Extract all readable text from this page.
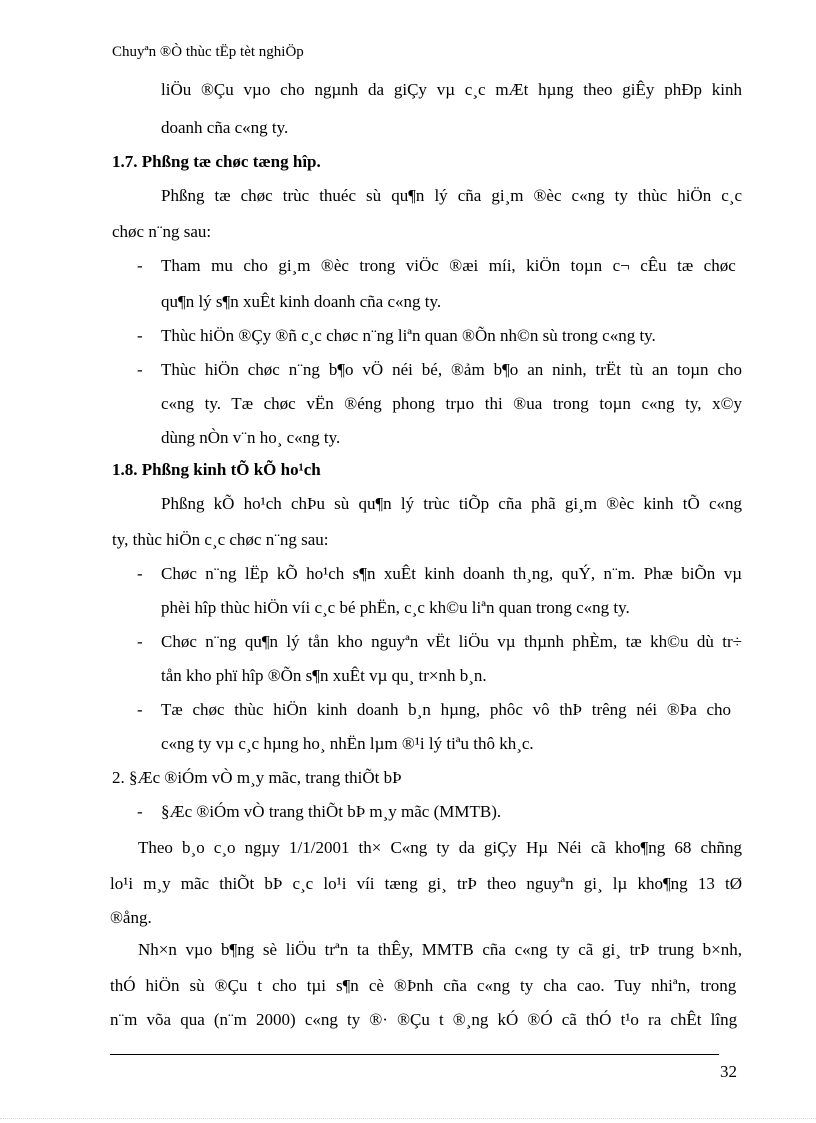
Chuyªn ®Ò thùc tËp tèt nghiÖp
liÖu ®Çu vµo cho ngµnh da giÇy vµ c¸c mÆt hµng theo giÊy phÐp kinh
doanh cña c«ng ty.
1.7. Phßng tæ chøc tæng hîp.
Phßng tæ chøc trùc thuéc sù qu¶n lý cña gi¸m ®èc c«ng ty thùc hiÖn c¸c
chøc n¨ng sau:
Tham mu cho gi¸m ®èc trong viÖc ®æi míi, kiÖn toµn c¬ cÊu tæ chøc
-
qu¶n lý s¶n xuÊt kinh doanh cña c«ng ty.
Thùc hiÖn ®Çy ®ñ c¸c chøc n¨ng liªn quan ®Õn nh©n sù trong c«ng ty.
-
Thùc hiÖn chøc n¨ng b¶o vÖ néi bé, ®ảm b¶o an ninh, trËt tù an toµn cho
-
c«ng ty. Tæ chøc vËn ®éng phong trµo thi ®ua trong toµn c«ng ty, x©y
dùng nÒn v¨n ho¸ c«ng ty.
1.8. Phßng kinh tÕ kÕ ho¹ch
Phßng kÕ ho¹ch chÞu sù qu¶n lý trùc tiÕp cña phã gi¸m ®èc kinh tÕ c«ng
ty, thùc hiÖn c¸c chøc n¨ng sau:
Chøc n¨ng lËp kÕ ho¹ch s¶n xuÊt kinh doanh th¸ng, quÝ, n¨m. Phæ biÕn vµ
-
phèi hîp thùc hiÖn víi c¸c bé phËn, c¸c kh©u liªn quan trong c«ng ty.
Chøc n¨ng qu¶n lý tån kho nguyªn vËt liÖu vµ thµnh phÈm, tæ kh©u dù tr÷
-
tån kho phï hîp ®Õn s¶n xuÊt vµ qu¸ tr×nh b¸n.
Tæ chøc thùc hiÖn kinh doanh b¸n hµng, phôc vô thÞ trêng néi ®Þa cho
-
c«ng ty vµ c¸c hµng ho¸ nhËn lµm ®¹i lý tiªu thô kh¸c.
2. §Æc ®iÓm vÒ m¸y mãc, trang thiÕt bÞ
§Æc ®iÓm vÒ trang thiÕt bÞ m¸y mãc (MMTB).
-
Theo b¸o c¸o ngµy 1/1/2001 th× C«ng ty da giÇy Hµ Néi cã kho¶ng 68 chñng
lo¹i m¸y mãc thiÕt bÞ c¸c lo¹i víi tæng gi¸ trÞ theo nguyªn gi¸ lµ kho¶ng 13 tØ
®ång.
Nh×n vµo b¶ng sè liÖu trªn ta thÊy, MMTB cña c«ng ty cã gi¸ trÞ trung b×nh,
thÓ hiÖn sù ®Çu t cho tµi s¶n cè ®Þnh cña c«ng ty cha cao. Tuy nhiªn, trong
n¨m võa qua (n¨m 2000) c«ng ty ®· ®Çu t ®¸ng kÓ ®Ó cã thÓ t¹o ra chÊt lîng
32
